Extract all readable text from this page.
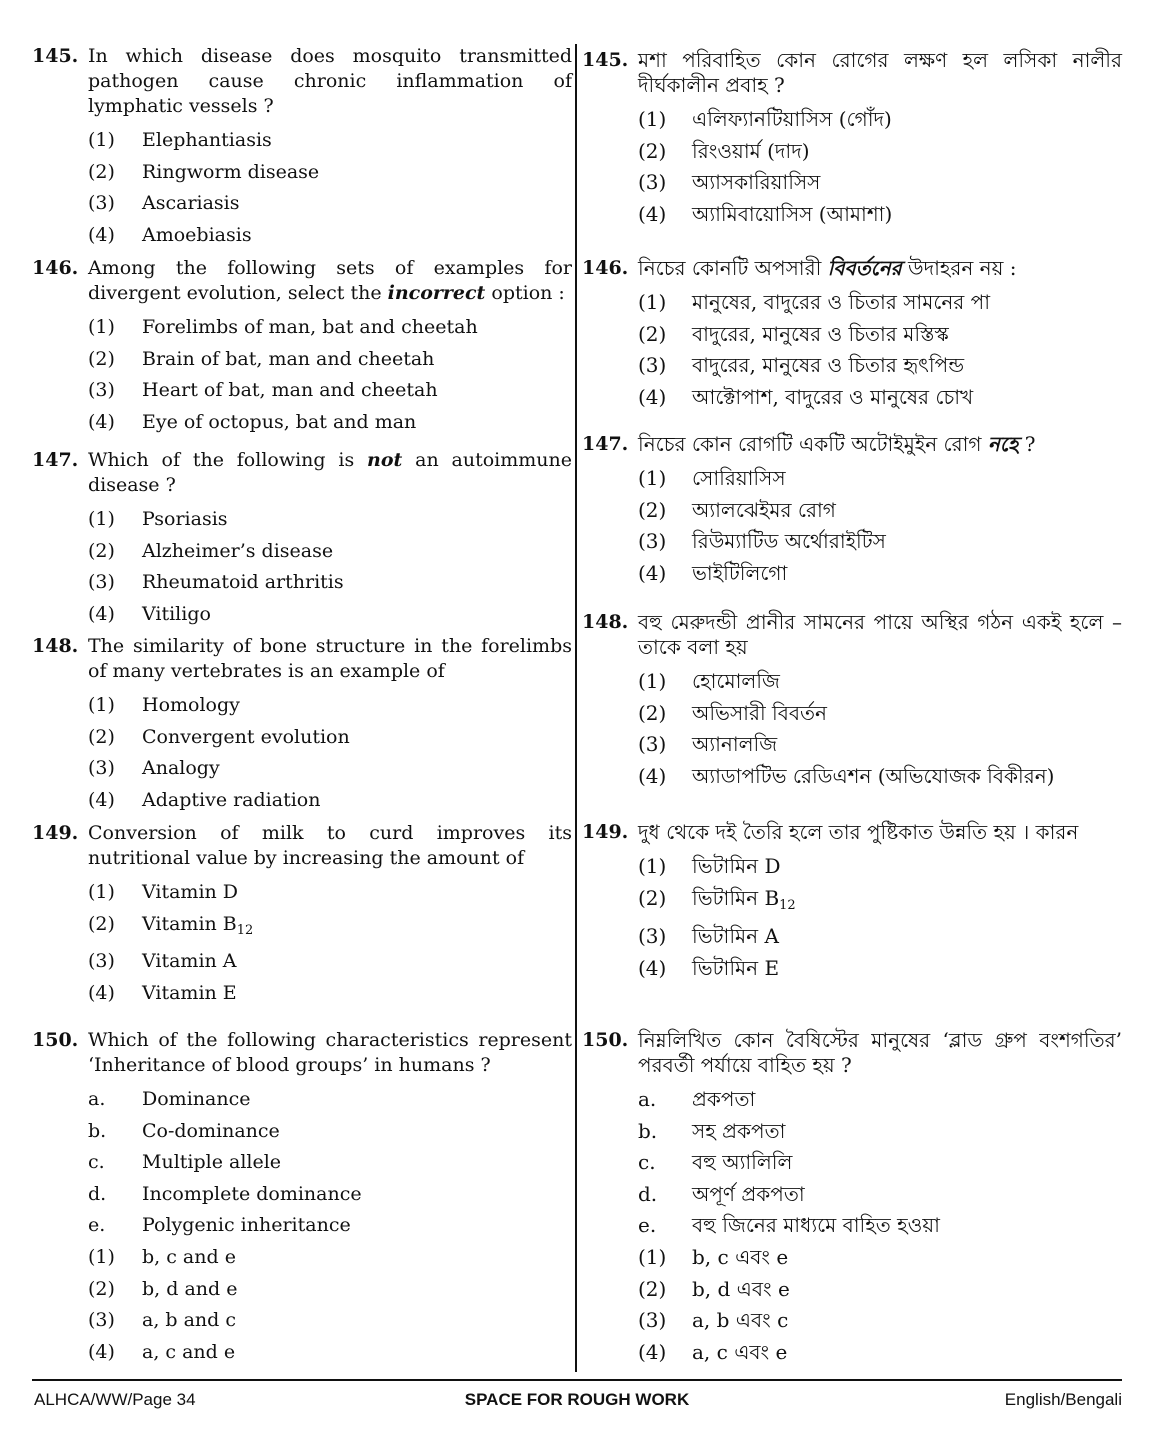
145. In which disease does mosquito transmitted pathogen cause chronic inflammation of lymphatic vessels ?
(1) Elephantiasis
(2) Ringworm disease
(3) Ascariasis
(4) Amoebiasis
146. Among the following sets of examples for divergent evolution, select the incorrect option :
(1) Forelimbs of man, bat and cheetah
(2) Brain of bat, man and cheetah
(3) Heart of bat, man and cheetah
(4) Eye of octopus, bat and man
147. Which of the following is not an autoimmune disease ?
(1) Psoriasis
(2) Alzheimer’s disease
(3) Rheumatoid arthritis
(4) Vitiligo
148. The similarity of bone structure in the forelimbs of many vertebrates is an example of
(1) Homology
(2) Convergent evolution
(3) Analogy
(4) Adaptive radiation
149. Conversion of milk to curd improves its nutritional value by increasing the amount of
(1) Vitamin D
(2) Vitamin $B_{12}$
(3) Vitamin A
(4) Vitamin E
150. Which of the following characteristics represent ‘Inheritance of blood groups’ in humans ?
a. Dominance
b. Co-dominance
c. Multiple allele
d. Incomplete dominance
e. Polygenic inheritance
(1) b, c and e
(2) b, d and e
(3) a, b and c
(4) a, c and e
145. মশা পরিবাহিত কোন রোগের লক্ষণ হল লসিকা নালীর দীর্ঘকালীন প্রবাহ ?
(1) এলিফ্যানটিয়াসিস (গোঁদ)
(2) রিংওয়ার্ম (দাদ)
(3) অ্যাসকারিয়াসিস
(4) অ্যামিবায়োসিস (আমাশা)
146. নিচের কোনটি অপসারী বিবর্তনের উদাহরন নয় :
(1) মানুষের, বাদুরের ও চিতার সামনের পা
(2) বাদুরের, মানুষের ও চিতার মস্তিস্ক
(3) বাদুরের, মানুষের ও চিতার হৃৎপিন্ড
(4) আক্টোপাশ, বাদুরের ও মানুষের চোখ
147. নিচের কোন রোগটি একটি অটোইমুইন রোগ নহে ?
(1) সোরিয়াসিস
(2) অ্যালঝেইমর রোগ
(3) রিউম্যাটিড অর্থোরাইটিস
(4) ভাইটিলিগো
148. বহু মেরুদন্ডী প্রানীর সামনের পায়ে অস্থির গঠন একই হলে – তাকে বলা হয়
(1) হোমোলজি
(2) অভিসারী বিবর্তন
(3) অ্যানালজি
(4) অ্যাডাপটিভ রেডিএশন (অভিযোজক বিকীরন)
149. দুধ থেকে দই তৈরি হলে তার পুষ্টিকাত উন্নতি হয় । কারন
(1) ভিটামিন D
(2) ভিটামিন $B_{12}$
(3) ভিটামিন A
(4) ভিটামিন E
150. নিম্নলিখিত কোন বৈষিস্টের মানুষের ‘ব্লাড গ্রুপ বংশগতির’ পরবর্তী পর্যায়ে বাহিত হয় ?
a. প্রকপতা
b. সহ প্রকপতা
c. বহু অ্যালিলি
d. অপূর্ণ প্রকপতা
e. বহু জিনের মাধ্যমে বাহিত হওয়া
(1) b, c এবং e
(2) b, d এবং e
(3) a, b এবং c
(4) a, c এবং e
ALHCA/WW/Page 34	SPACE FOR ROUGH WORK	English/Bengali
